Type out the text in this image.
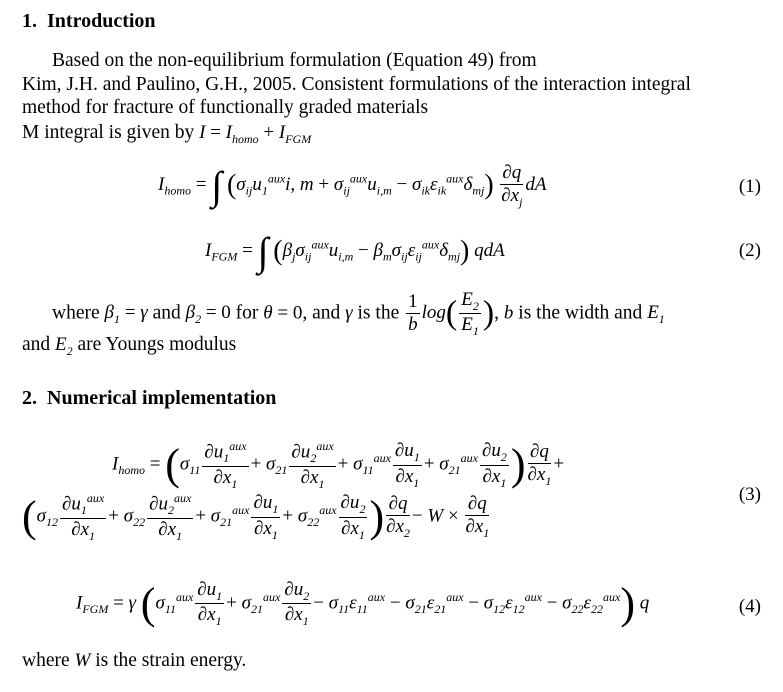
1. Introduction
Based on the non-equilibrium formulation (Equation 49) from
Kim, J.H. and Paulino, G.H., 2005. Consistent formulations of the interaction integral
method for fracture of functionally graded materials
M integral is given by $I = I_{homo} + I_{FGM}$
$I_{homo}$ = ∫ ($\sigma_{ij}u_1^{aux}i$, $m + \sigma_{ij}^{aux}u_{i,m} - \sigma_{ik}\varepsilon_{ik}^{aux}\delta_{mj}) \frac{\partial q}{\partial x_j}$ dA	(1)
$I_{FGM}$ = ∫ $(\beta_j\sigma_{ij}^{aux}u_{i,m} - \beta_m\sigma_{ij}\varepsilon_{ij}^{aux}\delta_{mj})$ qdA	(2)
where $\beta_1 = \gamma$ and $\beta_2 = 0$ for θ = 0, and γ is the $\frac{1}{b} \log( \frac{E_2}{E_1}$ ), b is the width and $E_1$
and $E_2$ are Youngs modulus
2. Numerical implementation
$I_{homo} = (\sigma_{11} \frac{\partial u_1^{aux}}{\partial x_1} + \sigma_{21} \frac{\partial u_2^{aux}}{\partial x_1} + \sigma_{11}^{aux} \frac{\partial u_1}{\partial x_1} + \sigma_{21}^{aux} \frac{\partial u_2}{\partial x_1}$ ) $\frac{\partial q}{\partial x_1}$ +
($\sigma_{12} \frac{\partial u_1^{aux}}{\partial x_1} + \sigma_{22} \frac{\partial u_2^{aux}}{\partial x_1} + \sigma_{21}^{aux} \frac{\partial u_1}{\partial x_1} + \sigma_{22}^{aux} \frac{\partial u_2}{\partial x_1}$ ) $\frac{\partial q}{\partial x_2} - W \times \frac{\partial q}{\partial x_1}$	(3)
$I_{FGM} = \gamma$ $(\sigma_{11}^{aux} \frac{\partial u_1}{\partial x_1} + \sigma_{21}^{aux} \frac{\partial u_2}{\partial x_1} - \sigma_{11}\varepsilon_{11}^{aux} - \sigma_{21}\varepsilon_{21}^{aux} - \sigma_{12}\varepsilon_{12}^{aux} - \sigma_{22}\varepsilon_{22}^{aux})$ q	(4)
where W is the strain energy.
